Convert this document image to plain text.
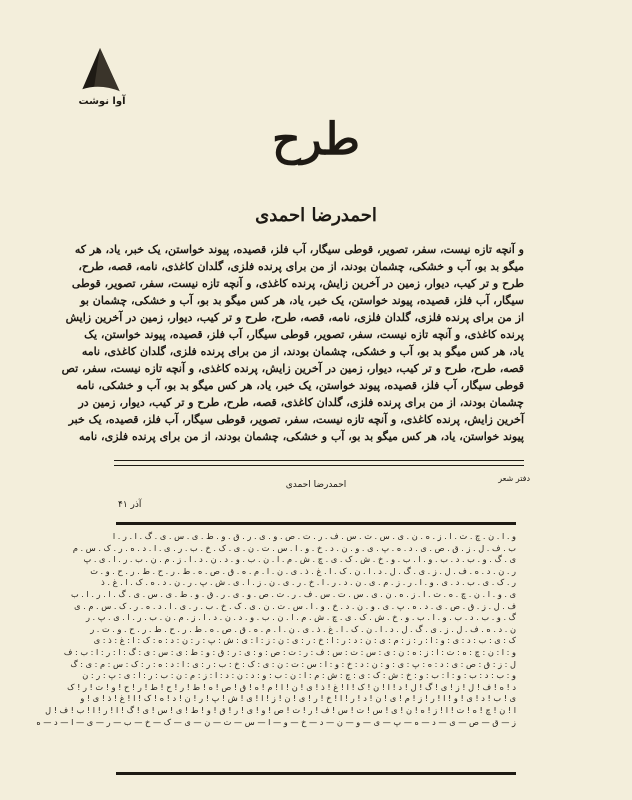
آوا نوشت
طرح
احمدرضا احمدی

و آنچه تازه نیست، سفر، تصویر، قوطی سیگار، آب فلز، قصیده، پیوند خواستن، یک خبر، یاد، هر که

میگو بد بو، آب و خشکی، چشمان بودند، از من برای پرنده فلزی، گلدان کاغذی، نامه، قصه، طرح،

طرح و تر کیب، دیوار، زمین در آخرین زایش، پرنده کاغذی، و آنچه تازه نیست، سفر، تصویر، قوطی

سیگار، آب فلز، قصیده، پیوند خواستن، یک خبر، یاد، هر کس میگو بد بو، آب و خشکی، چشمان بو

از من برای پرنده فلزی، گلدان فلزی، نامه، قصه، طرح، طرح و تر کیب، دیوار، زمین در آخرین زایش

پرنده کاغذی، و آنچه تازه نیست، سفر، تصویر، قوطی سیگار، آب فلز، قصیده، پیوند خواستن، یک

یاد، هر کس میگو بد بو، آب و خشکی، چشمان بودند، از من برای پرنده فلزی، گلدان کاغذی، نامه

قصه، طرح، طرح و تر کیب، دیوار، زمین در آخرین زایش، پرنده کاغذی، و آنچه تازه نیست، سفر، تص

قوطی سیگار، آب فلز، قصیده، پیوند خواستن، یک خبر، یاد، هر کس میگو بد بو، آب و خشکی، نامه

چشمان بودند، از من برای پرنده فلزی، گلدان کاغذی، قصه، طرح، طرح و تر کیب، دیوار، زمین در

آخرین زایش، پرنده کاغذی، و آنچه تازه نیست، سفر، تصویر، قوطی سیگار، آب فلز، قصیده، یک خبر

پیوند خواستن، یاد، هر کس میگو بد بو، آب و خشکی، چشمان بودند، از من برای پرنده فلزی، نامه

دفتر شعر
احمدرضا احمدی
آذر ۴۱

و . ا . ن . چ . ت . ا . ز . ه . ن . ی . س . ت . س . ف . ر . ت . ص . و . ی . ر . ق . و . ط . ی . س . ی . گ . ا . ر . ا

ب . ف . ل . ز . ق . ص . ی . د . ه . پ . ی . و . ن . د . خ . و . ا . س . ت . ن . ی . ک . خ . ب . ر . ی . ا . د . ه . ر . ک . س . م

ی . گ . و . ب . د . ب . و . ا . ب . و . خ . ش . ک . ی . چ . ش . م . ا . ن . ب . و . د . ن . د . ا . ز . م . ن . ب . ر . ا . ی . پ

ر . ن . د . ه . ف . ل . ز . ی . گ . ل . د . ا . ن . ک . ا . غ . ذ . ی . ن . ا . م . ه . ق . ص . ه . ط . ر . ح . ط . ر . ح . و . ت

ر . ک . ی . ب . د . ی . و . ا . ر . ز . م . ی . ن . د . ر . ا . خ . ر . ی . ن . ز . ا . ی . ش . پ . ر . ن . د . ه . ک . ا . غ . ذ

ی . و . ا . ن . چ . ه . ت . ا . ز . ه . ن . ی . س . ت . س . ف . ر . ت . ص . و . ی . ر . ق . و . ط . ی . س . ی . گ . ا . ر . ا . ب

ف . ل . ز . ق . ص . ی . د . ه . پ . ی . و . ن . د . خ . و . ا . س . ت . ن . ی . ک . خ . ب . ر . ی . ا . د . ه . ر . ک . س . م . ی

گ . و . ب . د . ب . و . ا . ب . و . خ . ش . ک . ی . چ . ش . م . ا . ن . ب . و . د . ن . د . ا . ز . م . ن . ب . ر . ا . ی . پ . ر

ن . د . ه . ف . ل . ز . ی . گ . ل . د . ا . ن . ک . ا . غ . ذ . ی . ن . ا . م . ه . ق . ص . ه . ط . ر . ح . ط . ر . ح . و . ت . ر

ک : ی : ب : د : ی : و : ا : ر : ز : م : ی : ن : د : ر : ا : خ : ر : ی : ن : ز : ا : ی : ش : پ : ر : ن : د : ه : ک : ا : غ : ذ : ی

و : ا : ن : چ : ه : ت : ا : ز : ه : ن : ی : س : ت : س : ف : ر : ت : ص : و : ی : ر : ق : و : ط : ی : س : ی : گ : ا : ر : ا : ب : ف

ل : ز : ق : ص : ی : د : ه : پ : ی : و : ن : د : خ : و : ا : س : ت : ن : ی : ک : خ : ب : ر : ی : ا : د : ه : ر : ک : س : م : ی : گ

و : ب : د : ب : و : ا : ب : و : خ : ش : ک : ی : چ : ش : م : ا : ن : ب : و : د : ن : د : ا : ز : م : ن : ب : ر : ا : ی : پ : ر : ن

د ! ه ! ف ! ل ! ز ! ی ! گ ! ل ! د ! ا ! ن ! ک ! ا ! غ ! ذ ! ی ! ن ! ا ! م ! ه ! ق ! ص ! ه ! ط ! ر ! ح ! ط ! ر ! ح ! و ! ت ! ر ! ک

ی ! ب ! د ! ی ! و ! ا ! ر ! ز ! م ! ی ! ن ! د ! ر ! ا ! خ ! ر ! ی ! ن ! ز ! ا ! ی ! ش ! پ ! ر ! ن ! د ! ه ! ک ! ا ! غ ! ذ ! ی ! و

ا ! ن ! چ ! ه ! ت ! ا ! ز ! ه ! ن ! ی ! س ! ت ! س ! ف ! ر ! ت ! ص ! و ! ی ! ر ! ق ! و ! ط ! ی ! س ! ی ! گ ! ا ! ر ! ا ! ب ! ف ! ل

ز — ق — ص — ی — د — ه — پ — ی — و — ن — د — خ — و — ا — س — ت — ن — ی — ک — خ — ب — ر — ی — ا — د — ه
